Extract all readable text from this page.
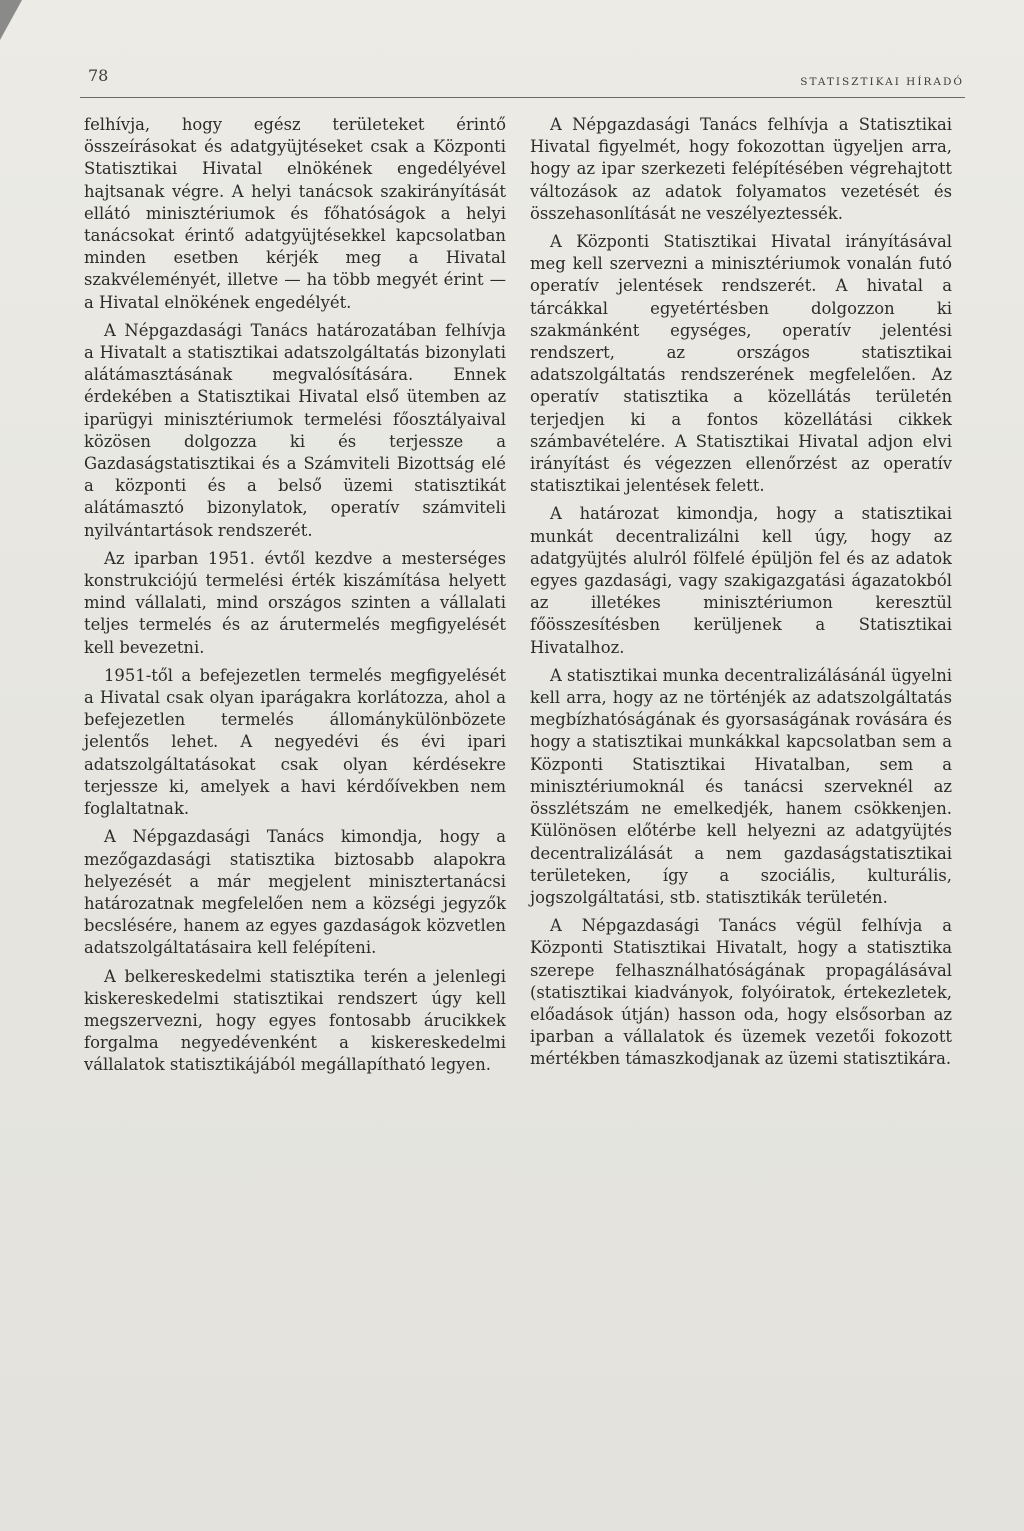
78	STATISZTIKAI HÍRADÓ

felhívja, hogy egész területeket érintő összeírásokat és adatgyüjtéseket csak a Központi Statisztikai Hivatal elnökének engedélyével hajtsanak végre. A helyi tanácsok szakirányítását ellátó minisztériumok és főhatóságok a helyi tanácsokat érintő adatgyüjtésekkel kapcsolatban minden esetben kérjék meg a Hivatal szakvéleményét, illetve — ha több megyét érint — a Hivatal elnökének engedélyét.

A Népgazdasági Tanács határozatában felhívja a Hivatalt a statisztikai adatszolgáltatás bizonylati alátámasztásának megvalósítására. Ennek érdekében a Statisztikai Hivatal első ütemben az iparügyi minisztériumok termelési főosztályaival közösen dolgozza ki és terjessze a Gazdaságstatisztikai és a Számviteli Bizottság elé a központi és a belső üzemi statisztikát alátámasztó bizonylatok, operatív számviteli nyilvántartások rendszerét.

Az iparban 1951. évtől kezdve a mesterséges konstrukciójú termelési érték kiszámítása helyett mind vállalati, mind országos szinten a vállalati teljes termelés és az árutermelés megfigyelését kell bevezetni.

1951-től a befejezetlen termelés megfigyelését a Hivatal csak olyan iparágakra korlátozza, ahol a befejezetlen termelés állománykülönbözete jelentős lehet. A negyedévi és évi ipari adatszolgáltatásokat csak olyan kérdésekre terjessze ki, amelyek a havi kérdőívekben nem foglaltatnak.

A Népgazdasági Tanács kimondja, hogy a mezőgazdasági statisztika biztosabb alapokra helyezését a már megjelent minisztertanácsi határozatnak megfelelően nem a községi jegyzők becslésére, hanem az egyes gazdaságok közvetlen adatszolgáltatásaira kell felépíteni.

A belkereskedelmi statisztika terén a jelenlegi kiskereskedelmi statisztikai rendszert úgy kell megszervezni, hogy egyes fontosabb árucikkek forgalma negyedévenként a kiskereskedelmi vállalatok statisztikájából megállapítható legyen.

A Népgazdasági Tanács felhívja a Statisztikai Hivatal figyelmét, hogy fokozottan ügyeljen arra, hogy az ipar szerkezeti felépítésében végrehajtott változások az adatok folyamatos vezetését és összehasonlítását ne veszélyeztessék.

A Központi Statisztikai Hivatal irányításával meg kell szervezni a minisztériumok vonalán futó operatív jelentések rendszerét. A hivatal a tárcákkal egyetértésben dolgozzon ki szakmánként egységes, operatív jelentési rendszert, az országos statisztikai adatszolgáltatás rendszerének megfelelően. Az operatív statisztika a közellátás területén terjedjen ki a fontos közellátási cikkek számbavételére. A Statisztikai Hivatal adjon elvi irányítást és végezzen ellenőrzést az operatív statisztikai jelentések felett.

A határozat kimondja, hogy a statisztikai munkát decentralizálni kell úgy, hogy az adatgyüjtés alulról fölfelé épüljön fel és az adatok egyes gazdasági, vagy szakigazgatási ágazatokból az illetékes minisztériumon keresztül főösszesítésben kerüljenek a Statisztikai Hivatalhoz.

A statisztikai munka decentralizálásánál ügyelni kell arra, hogy az ne történjék az adatszolgáltatás megbízhatóságának és gyorsaságának rovására és hogy a statisztikai munkákkal kapcsolatban sem a Központi Statisztikai Hivatalban, sem a minisztériumoknál és tanácsi szerveknél az összlétszám ne emelkedjék, hanem csökkenjen. Különösen előtérbe kell helyezni az adatgyüjtés decentralizálását a nem gazdaságstatisztikai területeken, így a szociális, kulturális, jogszolgáltatási, stb. statisztikák területén.

A Népgazdasági Tanács végül felhívja a Központi Statisztikai Hivatalt, hogy a statisztika szerepe felhasználhatóságának propagálásával (statisztikai kiadványok, folyóiratok, értekezletek, előadások útján) hasson oda, hogy elsősorban az iparban a vállalatok és üzemek vezetői fokozott mértékben támaszkodjanak az üzemi statisztikára.
